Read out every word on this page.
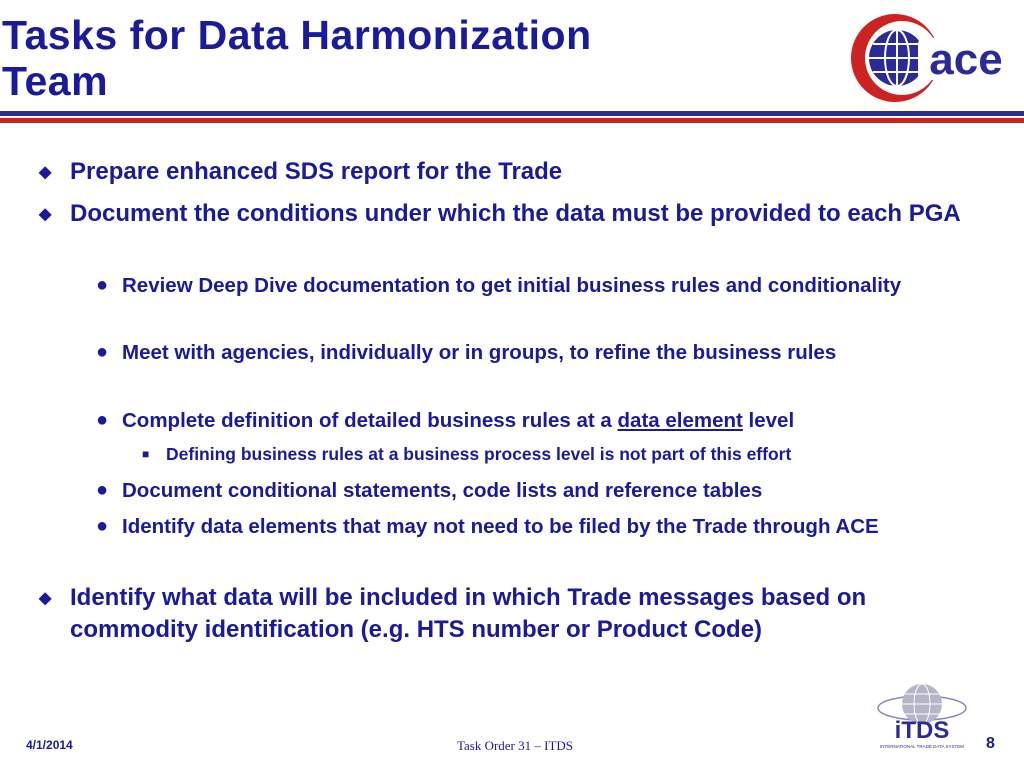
Tasks for Data Harmonization
Team	ace
◆ Prepare enhanced SDS report for the Trade
◆ Document the conditions under which the data must be provided to each PGA
● Review Deep Dive documentation to get initial business rules and conditionality
● Meet with agencies, individually or in groups, to refine the business rules
● Complete definition of detailed business rules at a data element level
■ Defining business rules at a business process level is not part of this effort
● Document conditional statements, code lists and reference tables
● Identify data elements that may not need to be filed by the Trade through ACE
◆ Identify what data will be included in which Trade messages based on commodity identification (e.g. HTS number or Product Code)
iTDS
INTERNATIONAL TRADE DATA SYSTEM
4/1/2014	Task Order 31 – ITDS	8
